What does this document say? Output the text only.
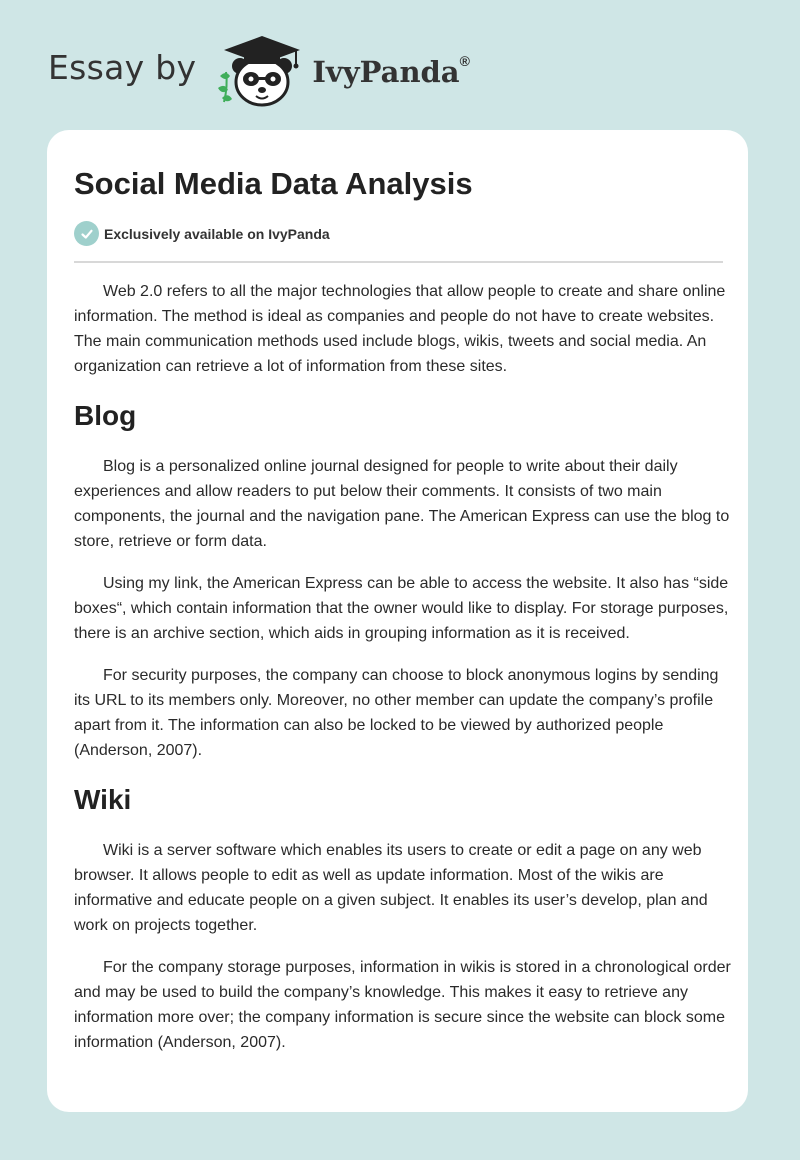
Essay by	IvyPanda®
Social Media Data Analysis
Exclusively available on IvyPanda

Web 2.0 refers to all the major technologies that allow people to create and share online information. The method is ideal as companies and people do not have to create websites. The main communication methods used include blogs, wikis, tweets and social media. An organization can retrieve a lot of information from these sites.

Blog

Blog is a personalized online journal designed for people to write about their daily experiences and allow readers to put below their comments. It consists of two main components, the journal and the navigation pane. The American Express can use the blog to store, retrieve or form data.

Using my link, the American Express can be able to access the website. It also has “side boxes“, which contain information that the owner would like to display. For storage purposes, there is an archive section, which aids in grouping information as it is received.

For security purposes, the company can choose to block anonymous logins by sending its URL to its members only. Moreover, no other member can update the company’s profile apart from it. The information can also be locked to be viewed by authorized people (Anderson, 2007).

Wiki

Wiki is a server software which enables its users to create or edit a page on any web browser. It allows people to edit as well as update information. Most of the wikis are informative and educate people on a given subject. It enables its user’s develop, plan and work on projects together.

For the company storage purposes, information in wikis is stored in a chronological order and may be used to build the company’s knowledge. This makes it easy to retrieve any information more over; the company information is secure since the website can block some information (Anderson, 2007).
